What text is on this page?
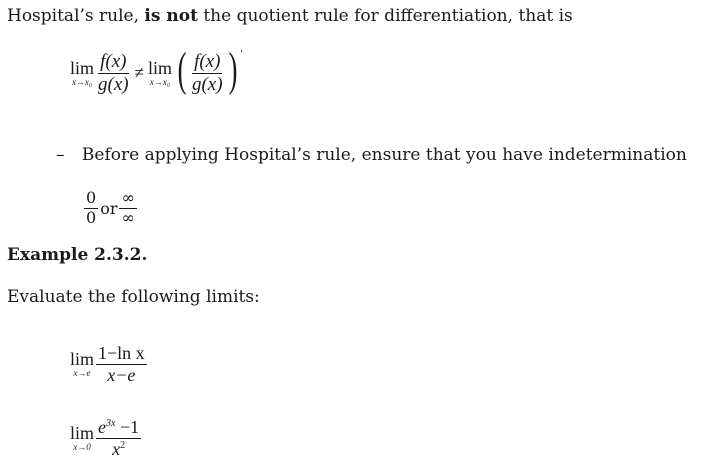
Hospital’s rule, is not the quotient rule for differentiation, that is
lim
$x\to x_0 \frac{f(x)}{g(x)} \ne \lim$
x→x₀ ( $\frac{f(x)}{g(x)}$ ) ′
– Before applying Hospital’s rule, ensure that you have indetermination
$\frac{0}{0}$ or $\frac{\infty}{\infty}$
Example 2.3.2.
Evaluate the following limits:
lim
$x\to e \frac{\text{1−ln x}}{x-e}$
lim
$x\to 0 \frac{e^{3x} -1}{x^2}$
